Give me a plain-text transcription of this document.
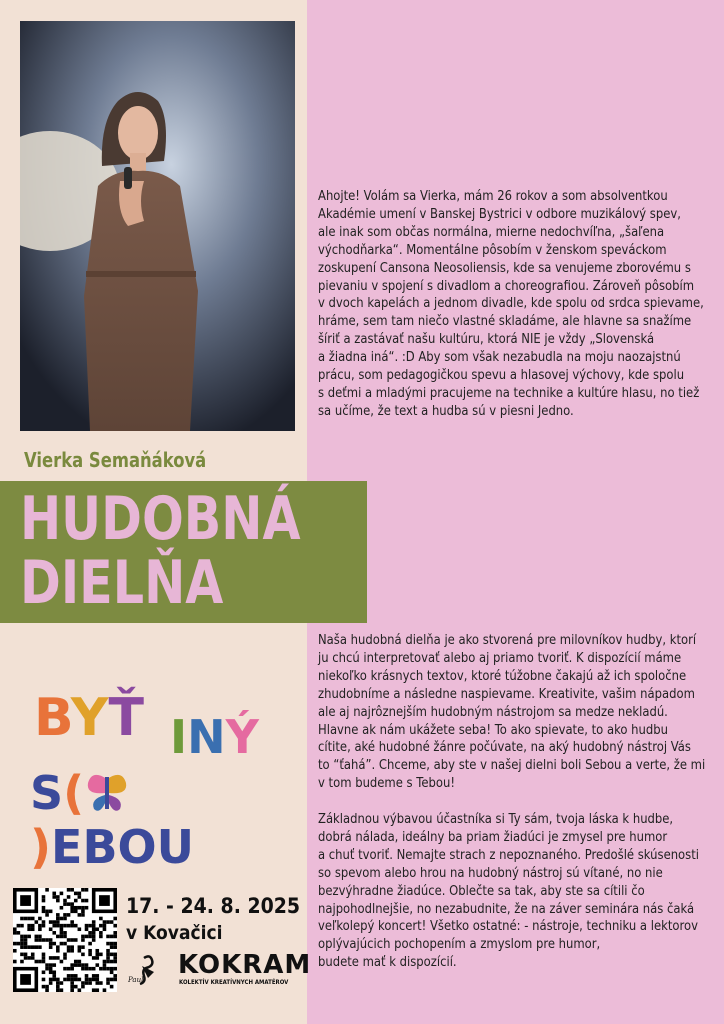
Vierka Semaňáková
Ahojte! Volám sa Vierka, mám 26 rokov a som absolventkou
Akadémie umení v Banskej Bystrici v odbore muzikálový spev,
ale inak som občas normálna, mierne nedochvíľna, „šaľena
východňarka“. Momentálne pôsobím v ženskom speváckom
zoskupení Cansona Neosoliensis, kde sa venujeme zborovému s
pievaniu v spojení s divadlom a choreografiou. Zároveň pôsobím
v dvoch kapelách a jednom divadle, kde spolu od srdca spievame,
hráme, sem tam niečo vlastné skladáme, ale hlavne sa snažíme
šíriť a zastávať našu kultúru, ktorá NIE je vždy „Slovenská
a žiadna iná“. :D Aby som však nezabudla na moju naozajstnú
prácu, som pedagogičkou spevu a hlasovej výchovy, kde spolu
s deťmi a mladými pracujeme na technike a kultúre hlasu, no tiež
sa učíme, že text a hudba sú v piesni Jedno.
HUDOBNÁ
DIELŇA
Naša hudobná dielňa je ako stvorená pre milovníkov hudby, ktorí
ju chcú interpretovať alebo aj priamo tvoriť. K dispozícií máme
niekoľko krásnych textov, ktoré túžobne čakajú až ich spoločne
zhudobníme a následne naspievame. Kreativite, vašim nápadom
ale aj najrôznejším hudobným nástrojom sa medze nekladú.
Hlavne ak nám ukážete seba! To ako spievate, to ako hudbu
cítite, aké hudobné žánre počúvate, na aký hudobný nástroj Vás
to “ťahá”. Chceme, aby ste v našej dielni boli Sebou a verte, že mi
v tom budeme s Tebou!
Základnou výbavou účastníka si Ty sám, tvoja láska k hudbe,
dobrá nálada, ideálny ba priam žiadúci je zmysel pre humor
a chuť tvoriť. Nemajte strach z nepoznaného. Predošlé skúsenosti
so spevom alebo hrou na hudobný nástroj sú vítané, no nie
bezvýhradne žiadúce. Oblečte sa tak, aby ste sa cítili čo
najpohodlnejšie, no nezabudnite, že na záver seminára nás čaká
veľkolepý koncert! Všetko ostatné: - nástroje, techniku a lektorov
oplývajúcich pochopením a zmyslom pre humor,
budete mať k dispozícií.
BYŤ INÝ
S()EBOU
17. - 24. 8. 2025
v Kovačici
Paul KOKRAM
KOLEKTÍV KREATÍVNYCH AMATÉROV
